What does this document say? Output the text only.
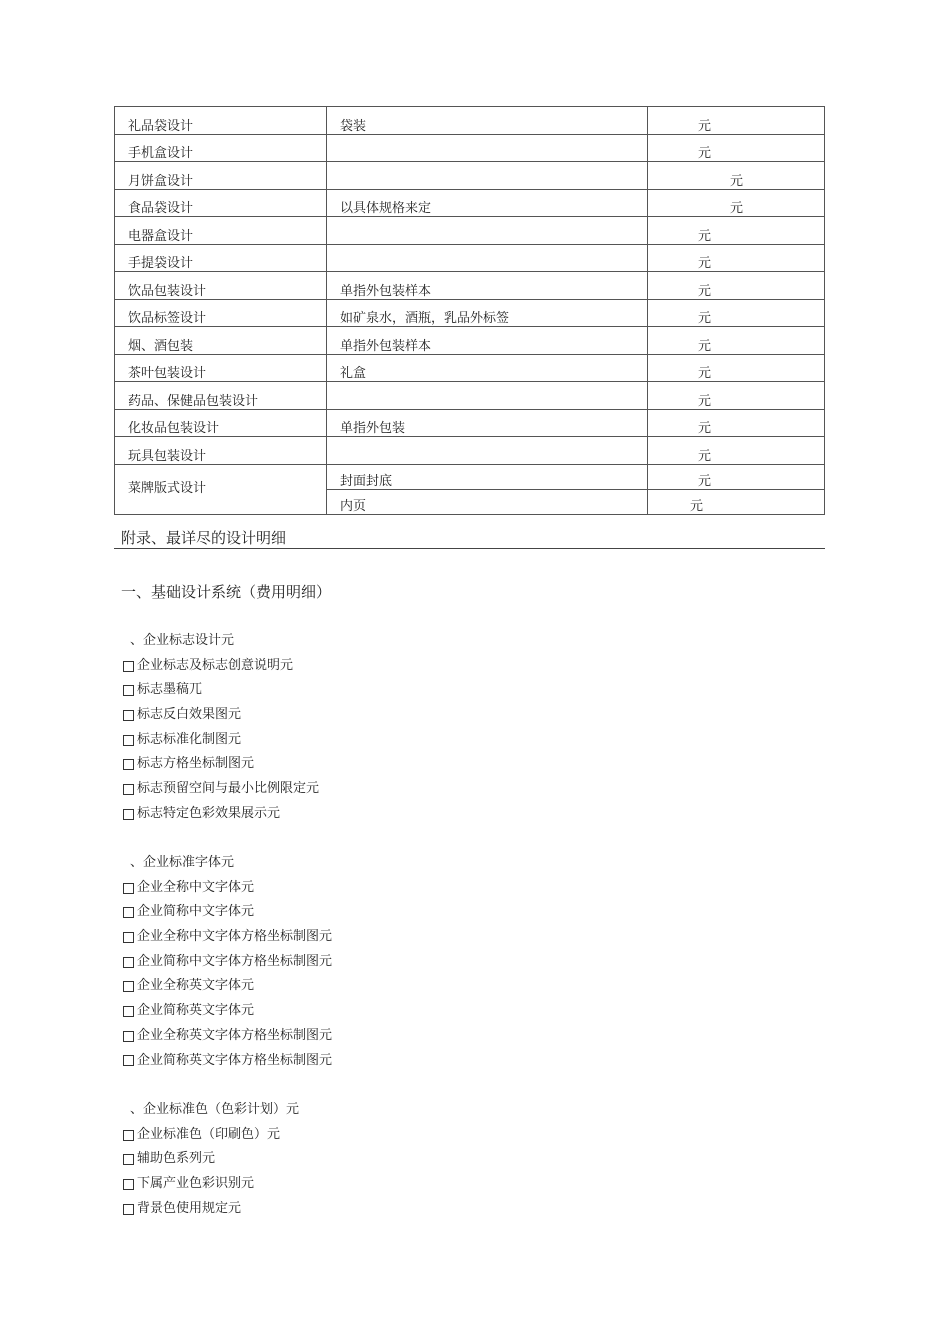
礼品袋设计	袋装	元

手机盒设计		元

月饼盒设计		元

食品袋设计	以具体规格来定	元

电器盒设计		元

手提袋设计		元

饮品包装设计	单指外包装样本	元

饮品标签设计	如矿泉水，酒瓶，乳品外标签	元

烟、酒包装	单指外包装样本	元

茶叶包装设计	礼盒	元

药品、保健品包装设计		元

化妆品包装设计	单指外包装	元

玩具包装设计		元

菜牌版式设计	封面封底	元

	内页	元
附录、最详尽的设计明细
一、基础设计系统（费用明细）
、企业标志设计元
企业标志及标志创意说明元
标志墨稿兀
标志反白效果图元
标志标准化制图元
标志方格坐标制图元
标志预留空间与最小比例限定元
标志特定色彩效果展示元
、企业标准字体元
企业全称中文字体元
企业简称中文字体元
企业全称中文字体方格坐标制图元
企业简称中文字体方格坐标制图元
企业全称英文字体元
企业简称英文字体元
企业全称英文字体方格坐标制图元
企业简称英文字体方格坐标制图元
、企业标准色（色彩计划）元
企业标准色（印刷色）元
辅助色系列元
下属产业色彩识别元
背景色使用规定元
